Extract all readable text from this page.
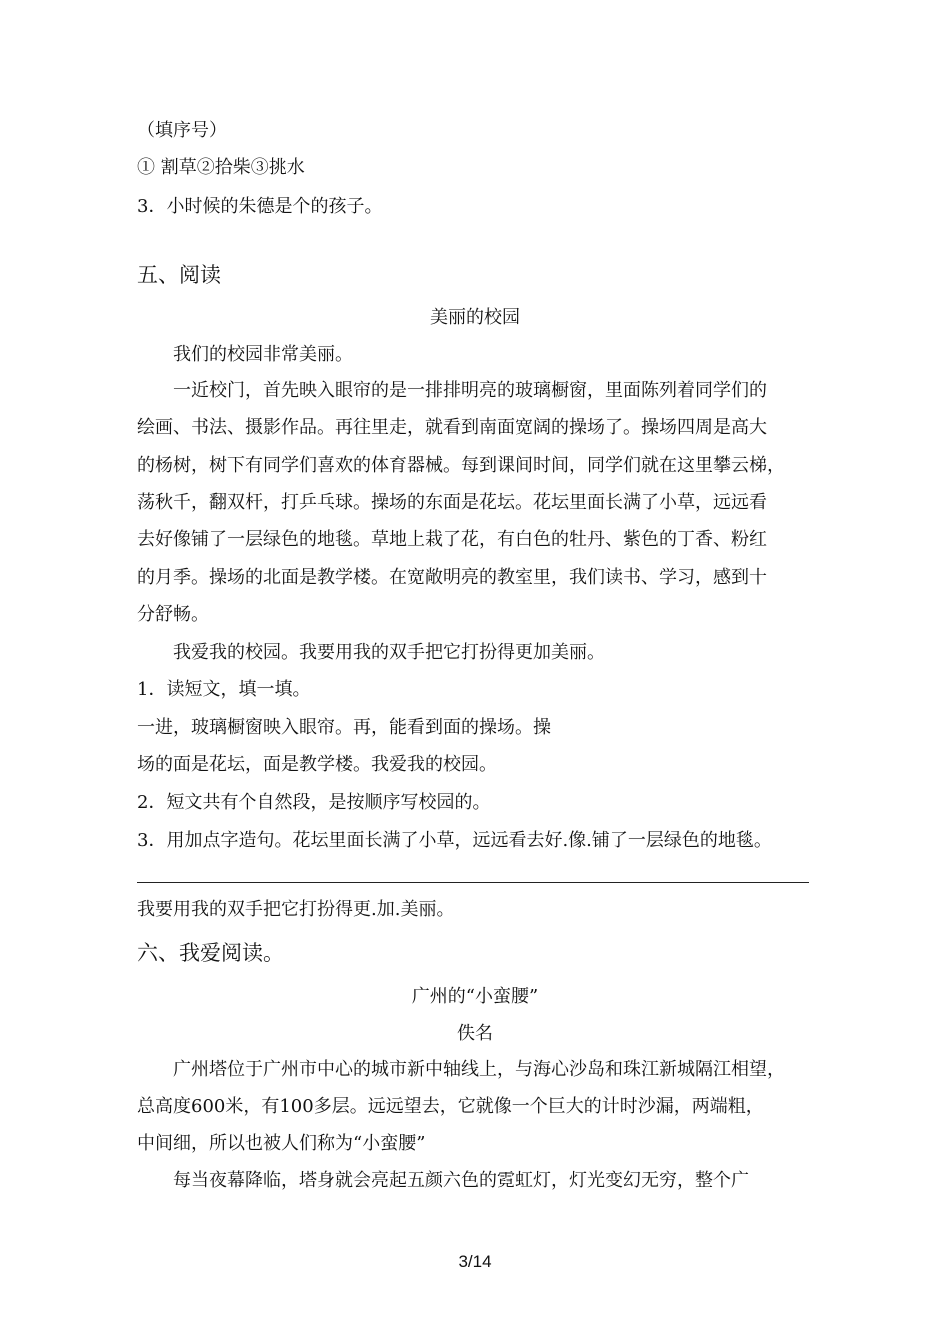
（填序号）
① 割草②拾柴③挑水
3．小时候的朱德是个的孩子。
五、阅读
美丽的校园
我们的校园非常美丽。
一近校门，首先映入眼帘的是一排排明亮的玻璃橱窗，里面陈列着同学们的
绘画、书法、摄影作品。再往里走，就看到南面宽阔的操场了。操场四周是高大
的杨树，树下有同学们喜欢的体育器械。每到课间时间，同学们就在这里攀云梯，
荡秋千，翻双杆，打乒乓球。操场的东面是花坛。花坛里面长满了小草，远远看
去好像铺了一层绿色的地毯。草地上栽了花，有白色的牡丹、紫色的丁香、粉红
的月季。操场的北面是教学楼。在宽敞明亮的教室里，我们读书、学习，感到十
分舒畅。
我爱我的校园。我要用我的双手把它打扮得更加美丽。
1．读短文，填一填。
一进，玻璃橱窗映入眼帘。再，能看到面的操场。操
场的面是花坛，面是教学楼。我爱我的校园。
2．短文共有个自然段，是按顺序写校园的。
3．用加点字造句。花坛里面长满了小草，远远看去好.像.铺了一层绿色的地毯。
我要用我的双手把它打扮得更.加.美丽。
六、我爱阅读。
广州的“小蛮腰”
佚名
广州塔位于广州市中心的城市新中轴线上，与海心沙岛和珠江新城隔江相望，
总高度600米，有100多层。远远望去，它就像一个巨大的计时沙漏，两端粗，
中间细，所以也被人们称为“小蛮腰”
每当夜幕降临，塔身就会亮起五颜六色的霓虹灯，灯光变幻无穷，整个广
3/14
